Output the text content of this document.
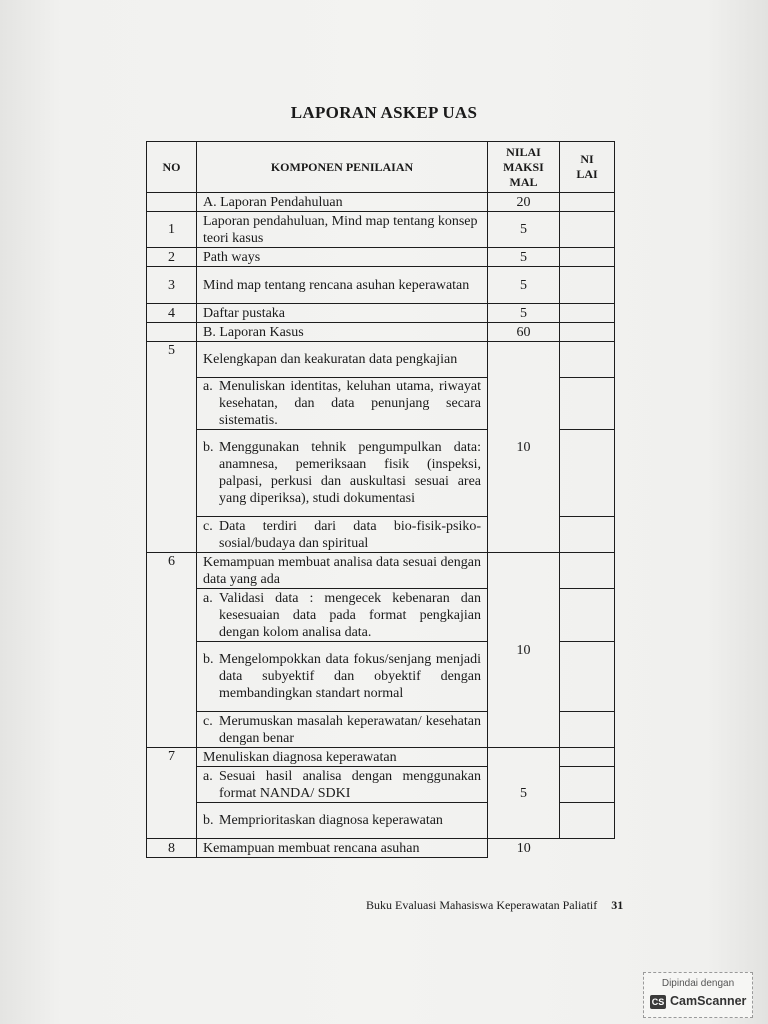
LAPORAN ASKEP UAS
NO	KOMPONEN PENILAIAN	NILAI MAKSI MAL	NI LAI
	A. Laporan Pendahuluan	20	
1	Laporan pendahuluan, Mind map tentang konsep teori kasus	5	
2	Path ways	5	
3	Mind map tentang rencana asuhan keperawatan	5	
4	Daftar pustaka	5	
	B. Laporan Kasus	60	
5	Kelengkapan dan keakuratan data pengkajian	10	

	a. Menuliskan identitas, keluhan utama, riwayat kesehatan, dan data penunjang secara sistematis.		

	b. Menggunakan tehnik pengumpulkan data: anamnesa, pemeriksaan fisik (inspeksi, palpasi, perkusi dan auskultasi sesuai area yang diperiksa), studi dokumentasi		

	c. Data terdiri dari data bio-fisik-psiko-sosial/budaya dan spiritual		

6	Kemampuan membuat analisa data sesuai dengan data yang ada	10	

	a. Validasi data : mengecek kebenaran dan kesesuaian data pada format pengkajian dengan kolom analisa data.		

	b. Mengelompokkan data fokus/senjang menjadi data subyektif dan obyektif dengan membandingkan standart normal		

	c. Merumuskan masalah keperawatan/ kesehatan dengan benar		

7	Menuliskan diagnosa keperawatan	5	

	a. Sesuai hasil analisa dengan menggunakan format NANDA/ SDKI		

	b. Memprioritaskan diagnosa keperawatan		

8	Kemampuan membuat rencana asuhan	10	
Buku Evaluasi Mahasiswa Keperawatan Paliatif 31
Dipindai dengan
CS CamScanner
